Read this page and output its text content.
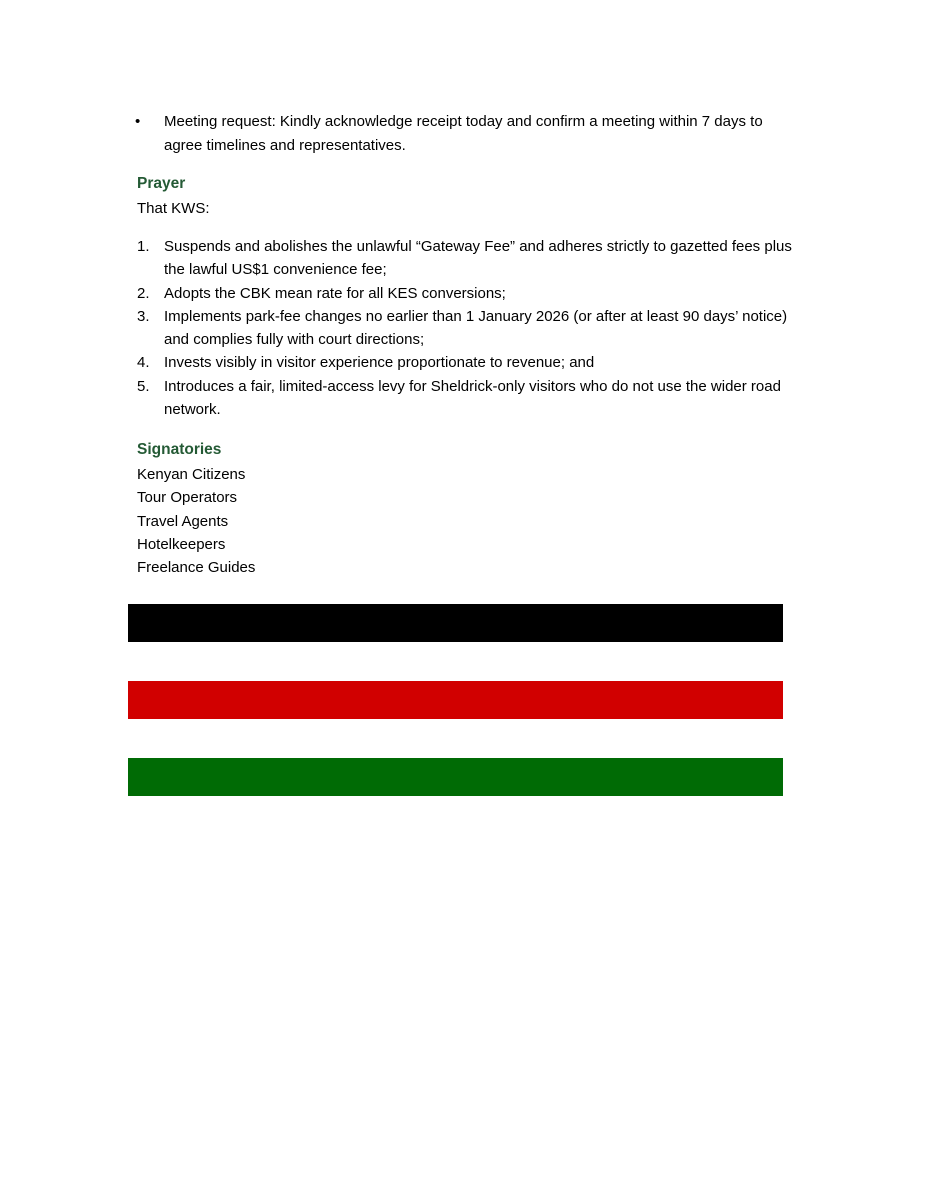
• Meeting request: Kindly acknowledge receipt today and confirm a meeting within 7 days to agree timelines and representatives.
Prayer
That KWS:
1. Suspends and abolishes the unlawful “Gateway Fee” and adheres strictly to gazetted fees plus the lawful US$1 convenience fee;
2. Adopts the CBK mean rate for all KES conversions;
3. Implements park-fee changes no earlier than 1 January 2026 (or after at least 90 days’ notice) and complies fully with court directions;
4. Invests visibly in visitor experience proportionate to revenue; and
5. Introduces a fair, limited-access levy for Sheldrick-only visitors who do not use the wider road network.
Signatories
Kenyan Citizens
Tour Operators
Travel Agents
Hotelkeepers
Freelance Guides
